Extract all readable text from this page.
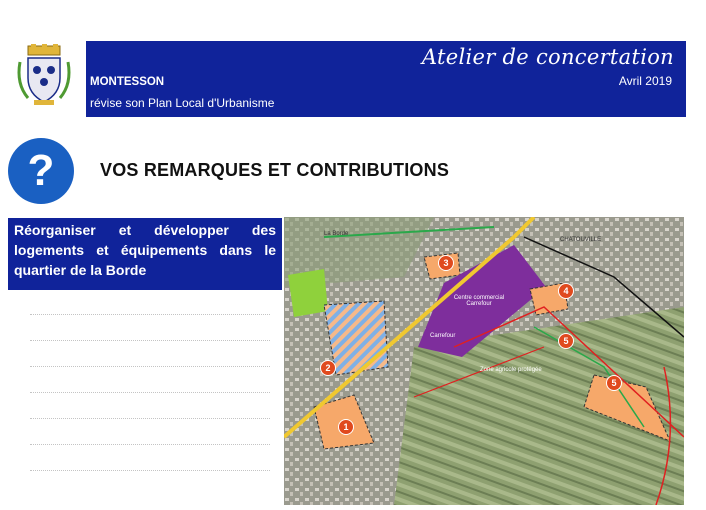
Atelier de concertation
Avril 2019
MONTESSON
révise son Plan Local d'Urbanisme
?	VOS REMARQUES ET CONTRIBUTIONS
Réorganiser et développer des logements et équipements dans le quartier de la Borde
Centre commercial Carrefour
Carrefour
Zone agricole protégée
CHATOUVILLE
La Borde
1
2
3
4
5
5
